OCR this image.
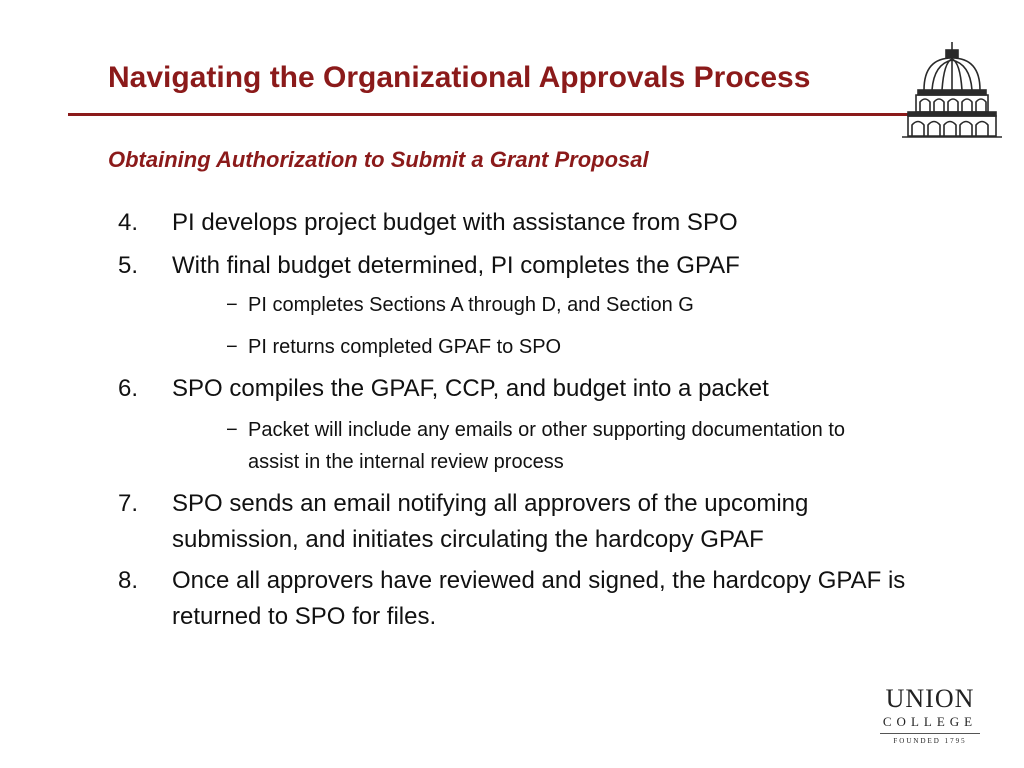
Navigating the Organizational Approvals Process
Obtaining Authorization to Submit a Grant Proposal
4. PI develops project budget with assistance from SPO
5. With final budget determined, PI completes the GPAF
− PI completes Sections A through D, and Section G
− PI returns completed GPAF to SPO
6. SPO compiles the GPAF, CCP, and budget into a packet
− Packet will include any emails or other supporting documentation to assist in the internal review process
7. SPO sends an email notifying all approvers of the upcoming submission, and initiates circulating the hardcopy GPAF
8. Once all approvers have reviewed and signed, the hardcopy GPAF is returned to SPO for files.
UNION
COLLEGE
FOUNDED 1795
